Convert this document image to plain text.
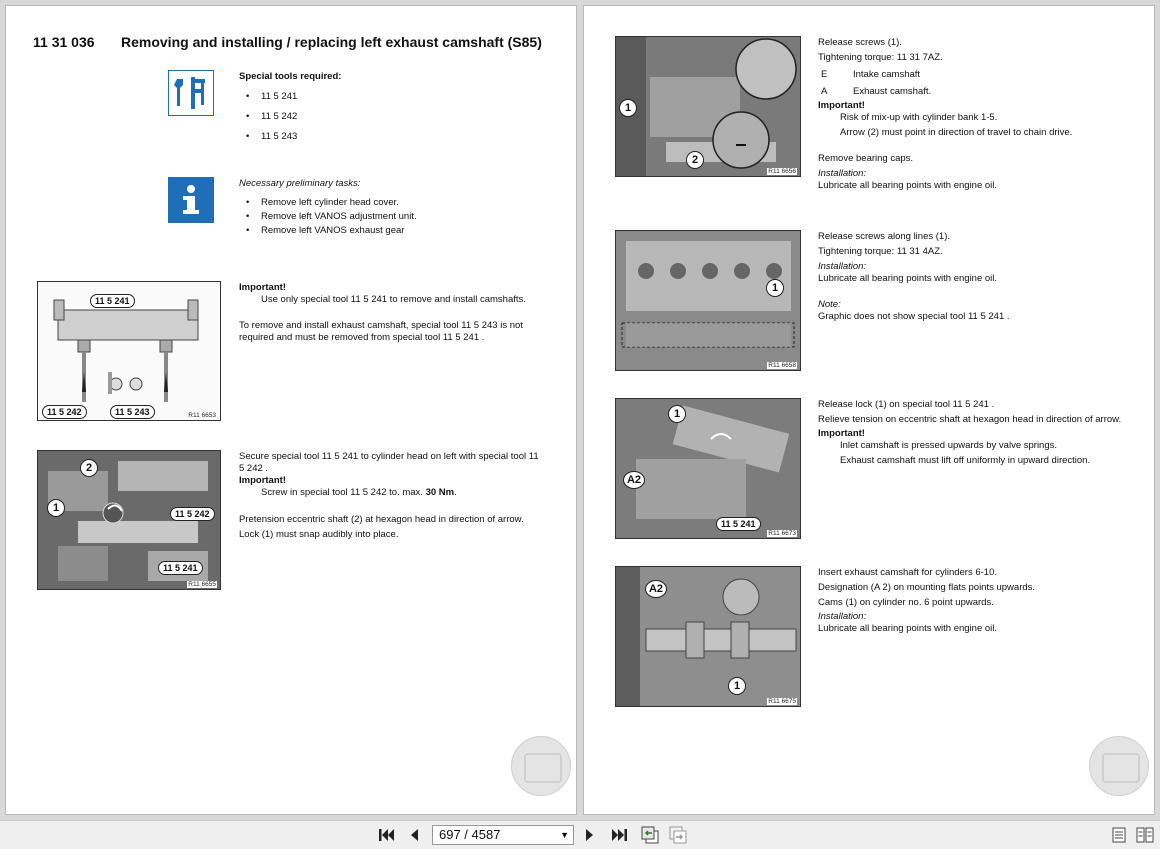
11 31 036 Removing and installing / replacing left exhaust camshaft (S85)
Special tools required:
• 11 5 241
• 11 5 242
• 11 5 243
Necessary preliminary tasks:
• Remove left cylinder head cover.
• Remove left VANOS adjustment unit.
• Remove left VANOS exhaust gear
11 5 241
11 5 242	11 5 243	R11 6653
Important!
Use only special tool 11 5 241 to remove and install camshafts.
To remove and install exhaust camshaft, special tool 11 5 243 is not required and must be removed from special tool 11 5 241 .
2
1	11 5 242
11 5 241
R11 6655
Secure special tool 11 5 241 to cylinder head on left with special tool 11 5 242 .
Important!
Screw in special tool 11 5 242 to. max. 30 Nm.
Pretension eccentric shaft (2) at hexagon head in direction of arrow.
Lock (1) must snap audibly into place.
1
2
R11 6656
Release screws (1).
Tightening torque: 11 31 7AZ.
E	Intake camshaft
A	Exhaust camshaft.
Important!
Risk of mix-up with cylinder bank 1-5.
Arrow (2) must point in direction of travel to chain drive.
Remove bearing caps.
Installation:
Lubricate all bearing points with engine oil.
1
R11 6658
Release screws along lines (1).
Tightening torque: 11 31 4AZ.
Installation:
Lubricate all bearing points with engine oil.
Note:
Graphic does not show special tool 11 5 241 .
1
A2
11 5 241
R11 6673
Release lock (1) on special tool 11 5 241 .
Relieve tension on eccentric shaft at hexagon head in direction of arrow.
Important!
Inlet camshaft is pressed upwards by valve springs.
Exhaust camshaft must lift off uniformly in upward direction.
A2
1
R11 6675
Insert exhaust camshaft for cylinders 6-10.
Designation (A 2) on mounting flats points upwards.
Cams (1) on cylinder no. 6 point upwards.
Installation:
Lubricate all bearing points with engine oil.
697 / 4587	▼
